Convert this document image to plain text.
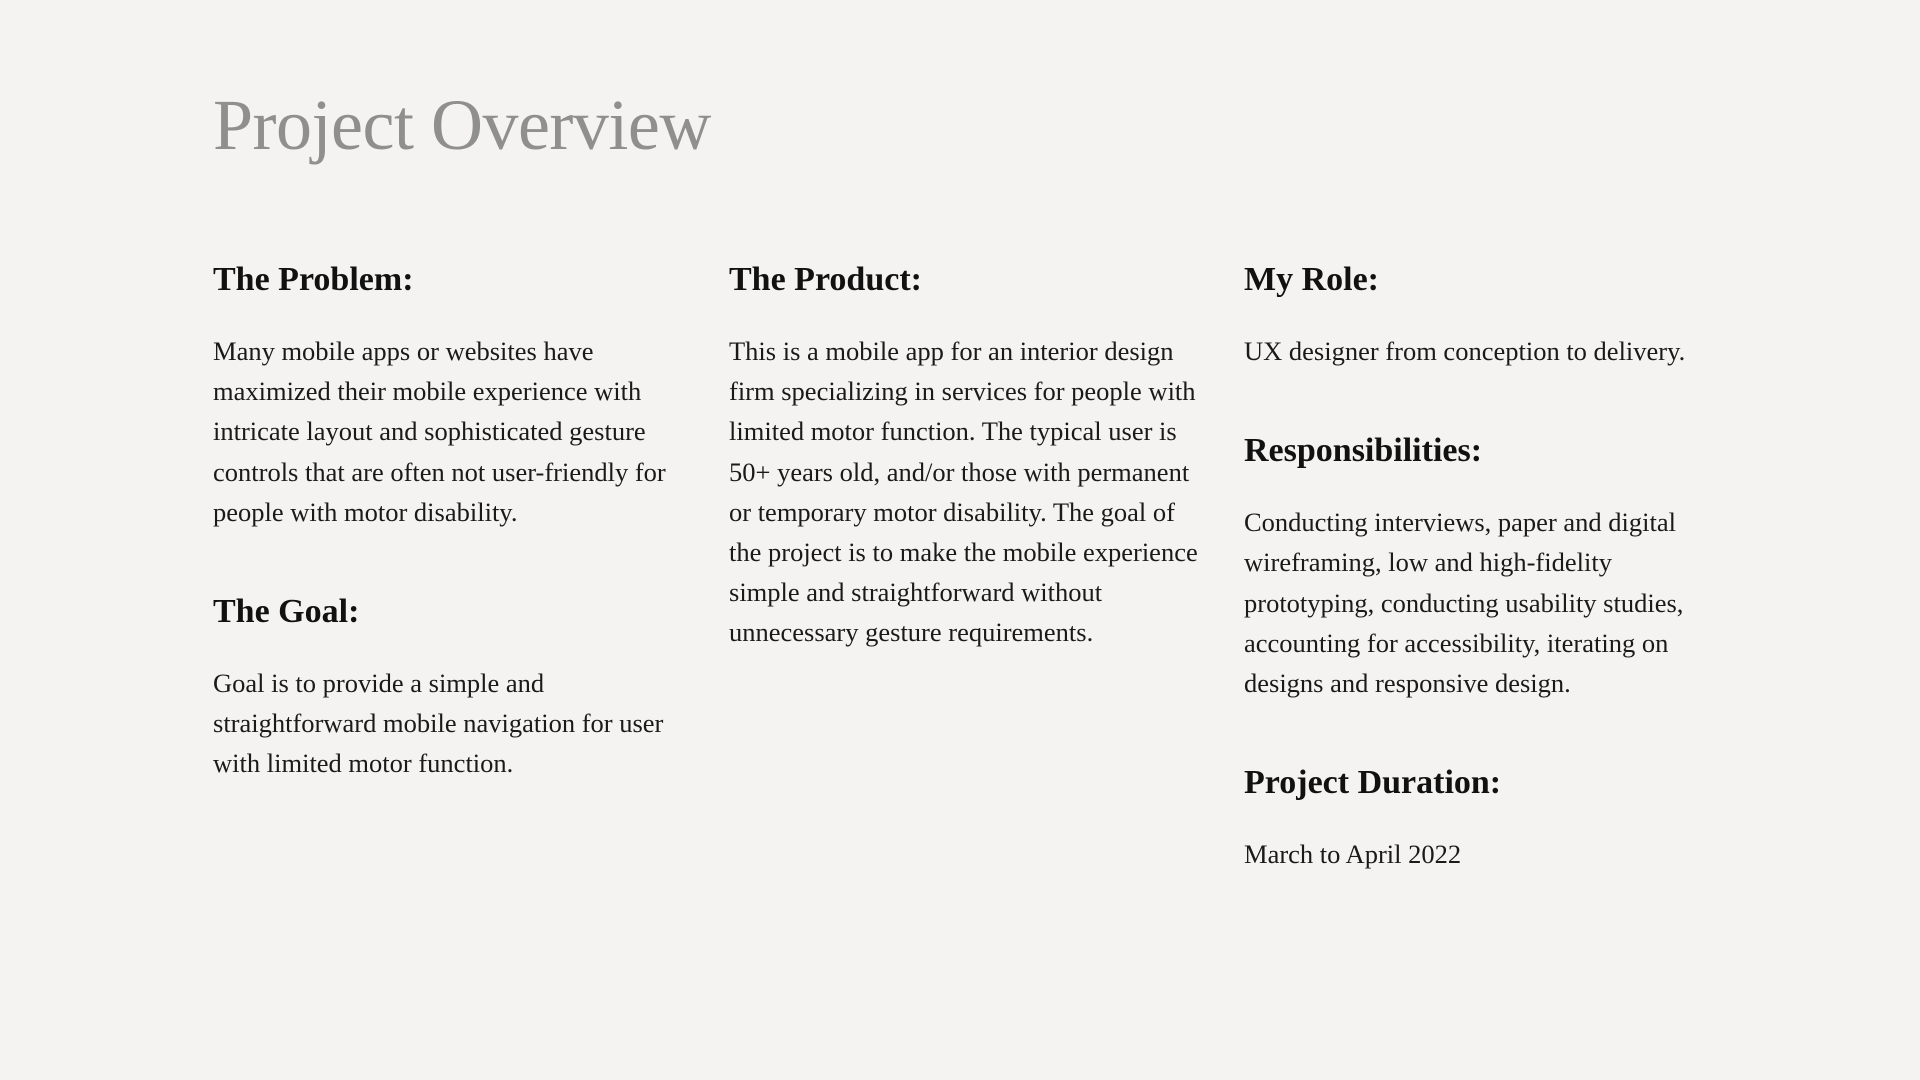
Project Overview
The Problem:

Many mobile apps or websites have maximized their mobile experience with intricate layout and sophisticated gesture controls that are often not user-friendly for people with motor disability.

The Goal:

Goal is to provide a simple and straightforward mobile navigation for user with limited motor function.

The Product:

This is a mobile app for an interior design firm specializing in services for people with limited motor function. The typical user is 50+ years old, and/or those with permanent or temporary motor disability. The goal of the project is to make the mobile experience simple and straightforward without unnecessary gesture requirements.

My Role:

UX designer from conception to delivery.

Responsibilities:

Conducting interviews, paper and digital wireframing, low and high-fidelity prototyping, conducting usability studies, accounting for accessibility, iterating on designs and responsive design.

Project Duration:

March to April 2022
